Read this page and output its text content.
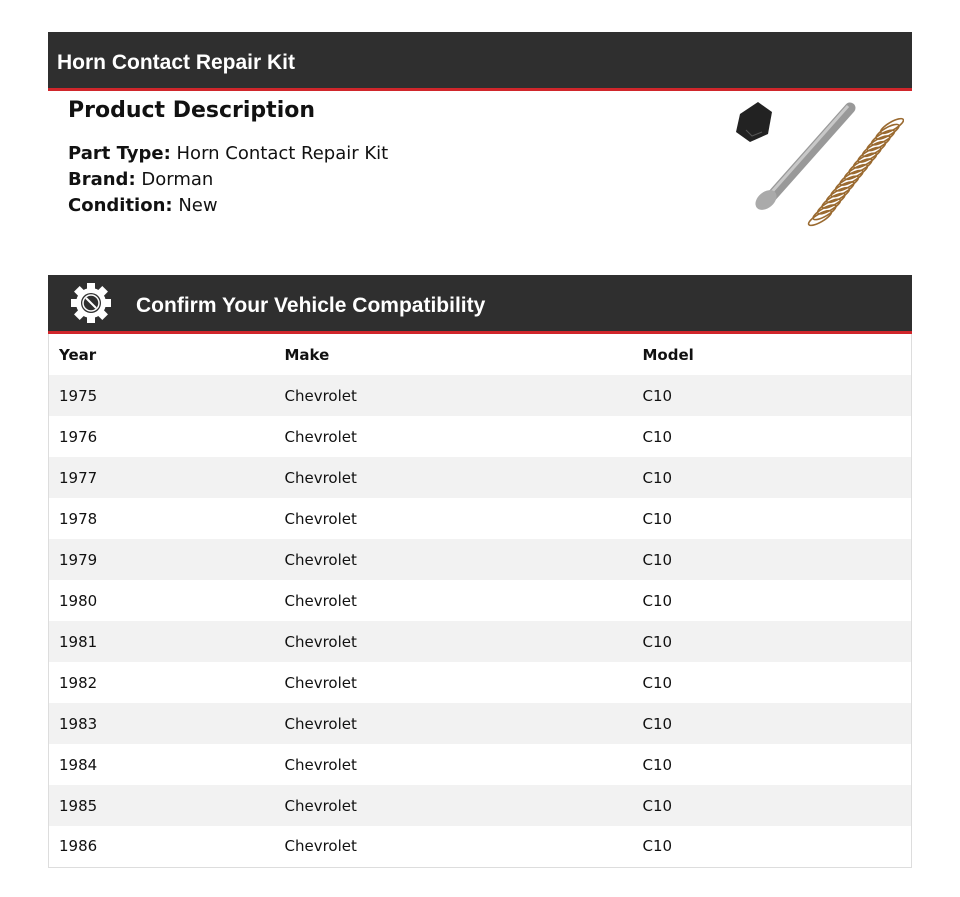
Horn Contact Repair Kit
Product Description
Part Type: Horn Contact Repair Kit
Brand: Dorman
Condition: New
Confirm Your Vehicle Compatibility
Year	Make	Model
1975	Chevrolet	C10
1976	Chevrolet	C10
1977	Chevrolet	C10
1978	Chevrolet	C10
1979	Chevrolet	C10
1980	Chevrolet	C10
1981	Chevrolet	C10
1982	Chevrolet	C10
1983	Chevrolet	C10
1984	Chevrolet	C10
1985	Chevrolet	C10
1986	Chevrolet	C10
